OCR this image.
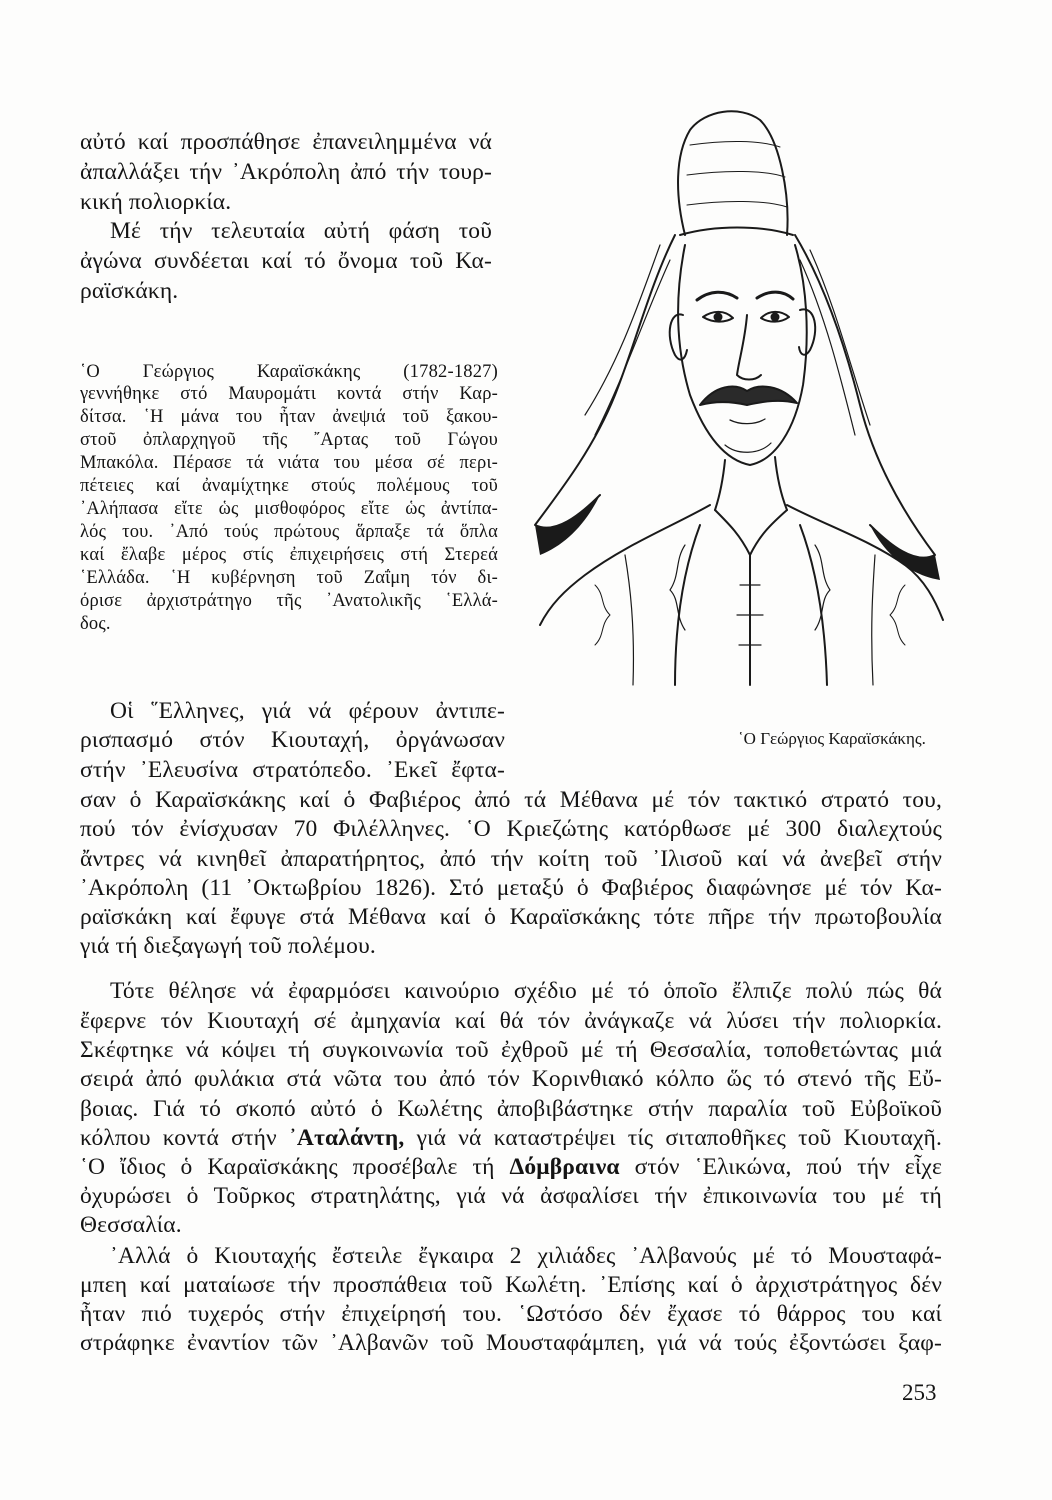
αὐτό καί προσπάθησε ἐπανειλημμένα νά
ἀπαλλάξει τήν ᾿Ακρόπολη ἀπό τήν τουρ-
κική πολιορκία.
Μέ τήν τελευταία αὐτή φάση τοῦ
ἀγώνα συνδέεται καί τό ὄνομα τοῦ Κα-
ραϊσκάκη.
῾Ο Γεώργιος Καραϊσκάκης (1782-1827)
γεννήθηκε στό Μαυρομάτι κοντά στήν Καρ-
δίτσα. ῾Η μάνα του ἦταν ἀνεψιά τοῦ ξακου-
στοῦ ὀπλαρχηγοῦ τῆς ῎Αρτας τοῦ Γώγου
Μπακόλα. Πέρασε τά νιάτα του μέσα σέ περι-
πέτειες καί ἀναμίχτηκε στούς πολέμους τοῦ
᾿Αλήπασα εἴτε ὡς μισθοφόρος εἴτε ὡς ἀντίπα-
λός του. ᾿Από τούς πρώτους ἅρπαξε τά ὅπλα
καί ἔλαβε μέρος στίς ἐπιχειρήσεις στή Στερεά
῾Ελλάδα. ῾Η κυβέρνηση τοῦ Ζαΐμη τόν δι-
όρισε ἀρχιστράτηγο τῆς ᾿Ανατολικῆς ῾Ελλά-
δος.
Οἱ ῞Ελληνες, γιά νά φέρουν ἀντιπε-
ρισπασμό στόν Κιουταχή, ὀργάνωσαν
στήν ᾿Ελευσίνα στρατόπεδο. ᾿Εκεῖ ἔφτα-
σαν ὁ Καραϊσκάκης καί ὁ Φαβιέρος ἀπό τά Μέθανα μέ τόν τακτικό στρατό του,
πού τόν ἐνίσχυσαν 70 Φιλέλληνες. ῾Ο Κριεζώτης κατόρθωσε μέ 300 διαλεχτούς
ἄντρες νά κινηθεῖ ἀπαρατήρητος, ἀπό τήν κοίτη τοῦ ᾿Ιλισοῦ καί νά ἀνεβεῖ στήν
᾿Ακρόπολη (11 ᾿Οκτωβρίου 1826). Στό μεταξύ ὁ Φαβιέρος διαφώνησε μέ τόν Κα-
ραϊσκάκη καί ἔφυγε στά Μέθανα καί ὁ Καραϊσκάκης τότε πῆρε τήν πρωτοβουλία
γιά τή διεξαγωγή τοῦ πολέμου.
Τότε θέλησε νά ἐφαρμόσει καινούριο σχέδιο μέ τό ὁποῖο ἔλπιζε πολύ πώς θά
ἔφερνε τόν Κιουταχή σέ ἀμηχανία καί θά τόν ἀνάγκαζε νά λύσει τήν πολιορκία.
Σκέφτηκε νά κόψει τή συγκοινωνία τοῦ ἐχθροῦ μέ τή Θεσσαλία, τοποθετώντας μιά
σειρά ἀπό φυλάκια στά νῶτα του ἀπό τόν Κορινθιακό κόλπο ὥς τό στενό τῆς Εὔ-
βοιας. Γιά τό σκοπό αὐτό ὁ Κωλέτης ἀποβιβάστηκε στήν παραλία τοῦ Εὐβοϊκοῦ
κόλπου κοντά στήν ᾿Αταλάντη, γιά νά καταστρέψει τίς σιταποθῆκες τοῦ Κιουταχῆ.
῾Ο ἴδιος ὁ Καραϊσκάκης προσέβαλε τή Δόμβραινα στόν ῾Ελικώνα, πού τήν εἶχε
ὀχυρώσει ὁ Τοῦρκος στρατηλάτης, γιά νά ἀσφαλίσει τήν ἐπικοινωνία του μέ τή
Θεσσαλία.
᾿Αλλά ὁ Κιουταχής ἔστειλε ἔγκαιρα 2 χιλιάδες ᾿Αλβανούς μέ τό Μουσταφά-
μπεη καί ματαίωσε τήν προσπάθεια τοῦ Κωλέτη. ᾿Επίσης καί ὁ ἀρχιστράτηγος δέν
ἦταν πιό τυχερός στήν ἐπιχείρησή του. ῾Ωστόσο δέν ἔχασε τό θάρρος του καί
στράφηκε ἐναντίον τῶν ᾿Αλβανῶν τοῦ Μουσταφάμπεη, γιά νά τούς ἐξοντώσει ξαφ-
῾Ο Γεώργιος Καραϊσκάκης.
253
